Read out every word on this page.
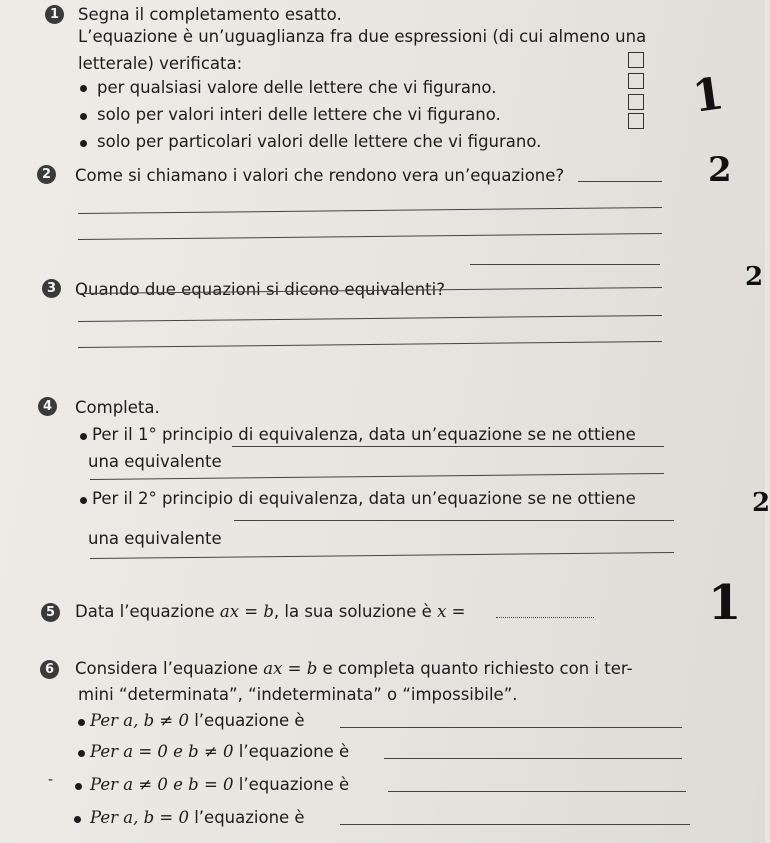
1	Segna il completamento esatto.
L’equazione è un’uguaglianza fra due espressioni (di cui almeno una
letterale) verificata:
per qualsiasi valore delle lettere che vi figurano.
solo per valori interi delle lettere che vi figurano.
solo per particolari valori delle lettere che vi figurano.
1
2	Come si chiamano i valori che rendono vera un’equazione?	2
3	Quando due equazioni si dicono equivalenti?	2
4	Completa.
Per il 1° principio di equivalenza, data un’equazione se ne ottiene
una equivalente
Per il 2° principio di equivalenza, data un’equazione se ne ottiene
una equivalente
2
5	Data l’equazione ax = b, la sua soluzione è x =	1
6	Considera l’equazione ax = b e completa quanto richiesto con i ter-
mini “determinata”, “indeterminata” o “impossibile”.
Per a, b ≠ 0 l’equazione è
Per a = 0 e b ≠ 0 l’equazione è
- Per a ≠ 0 e b = 0 l’equazione è
Per a, b = 0 l’equazione è
